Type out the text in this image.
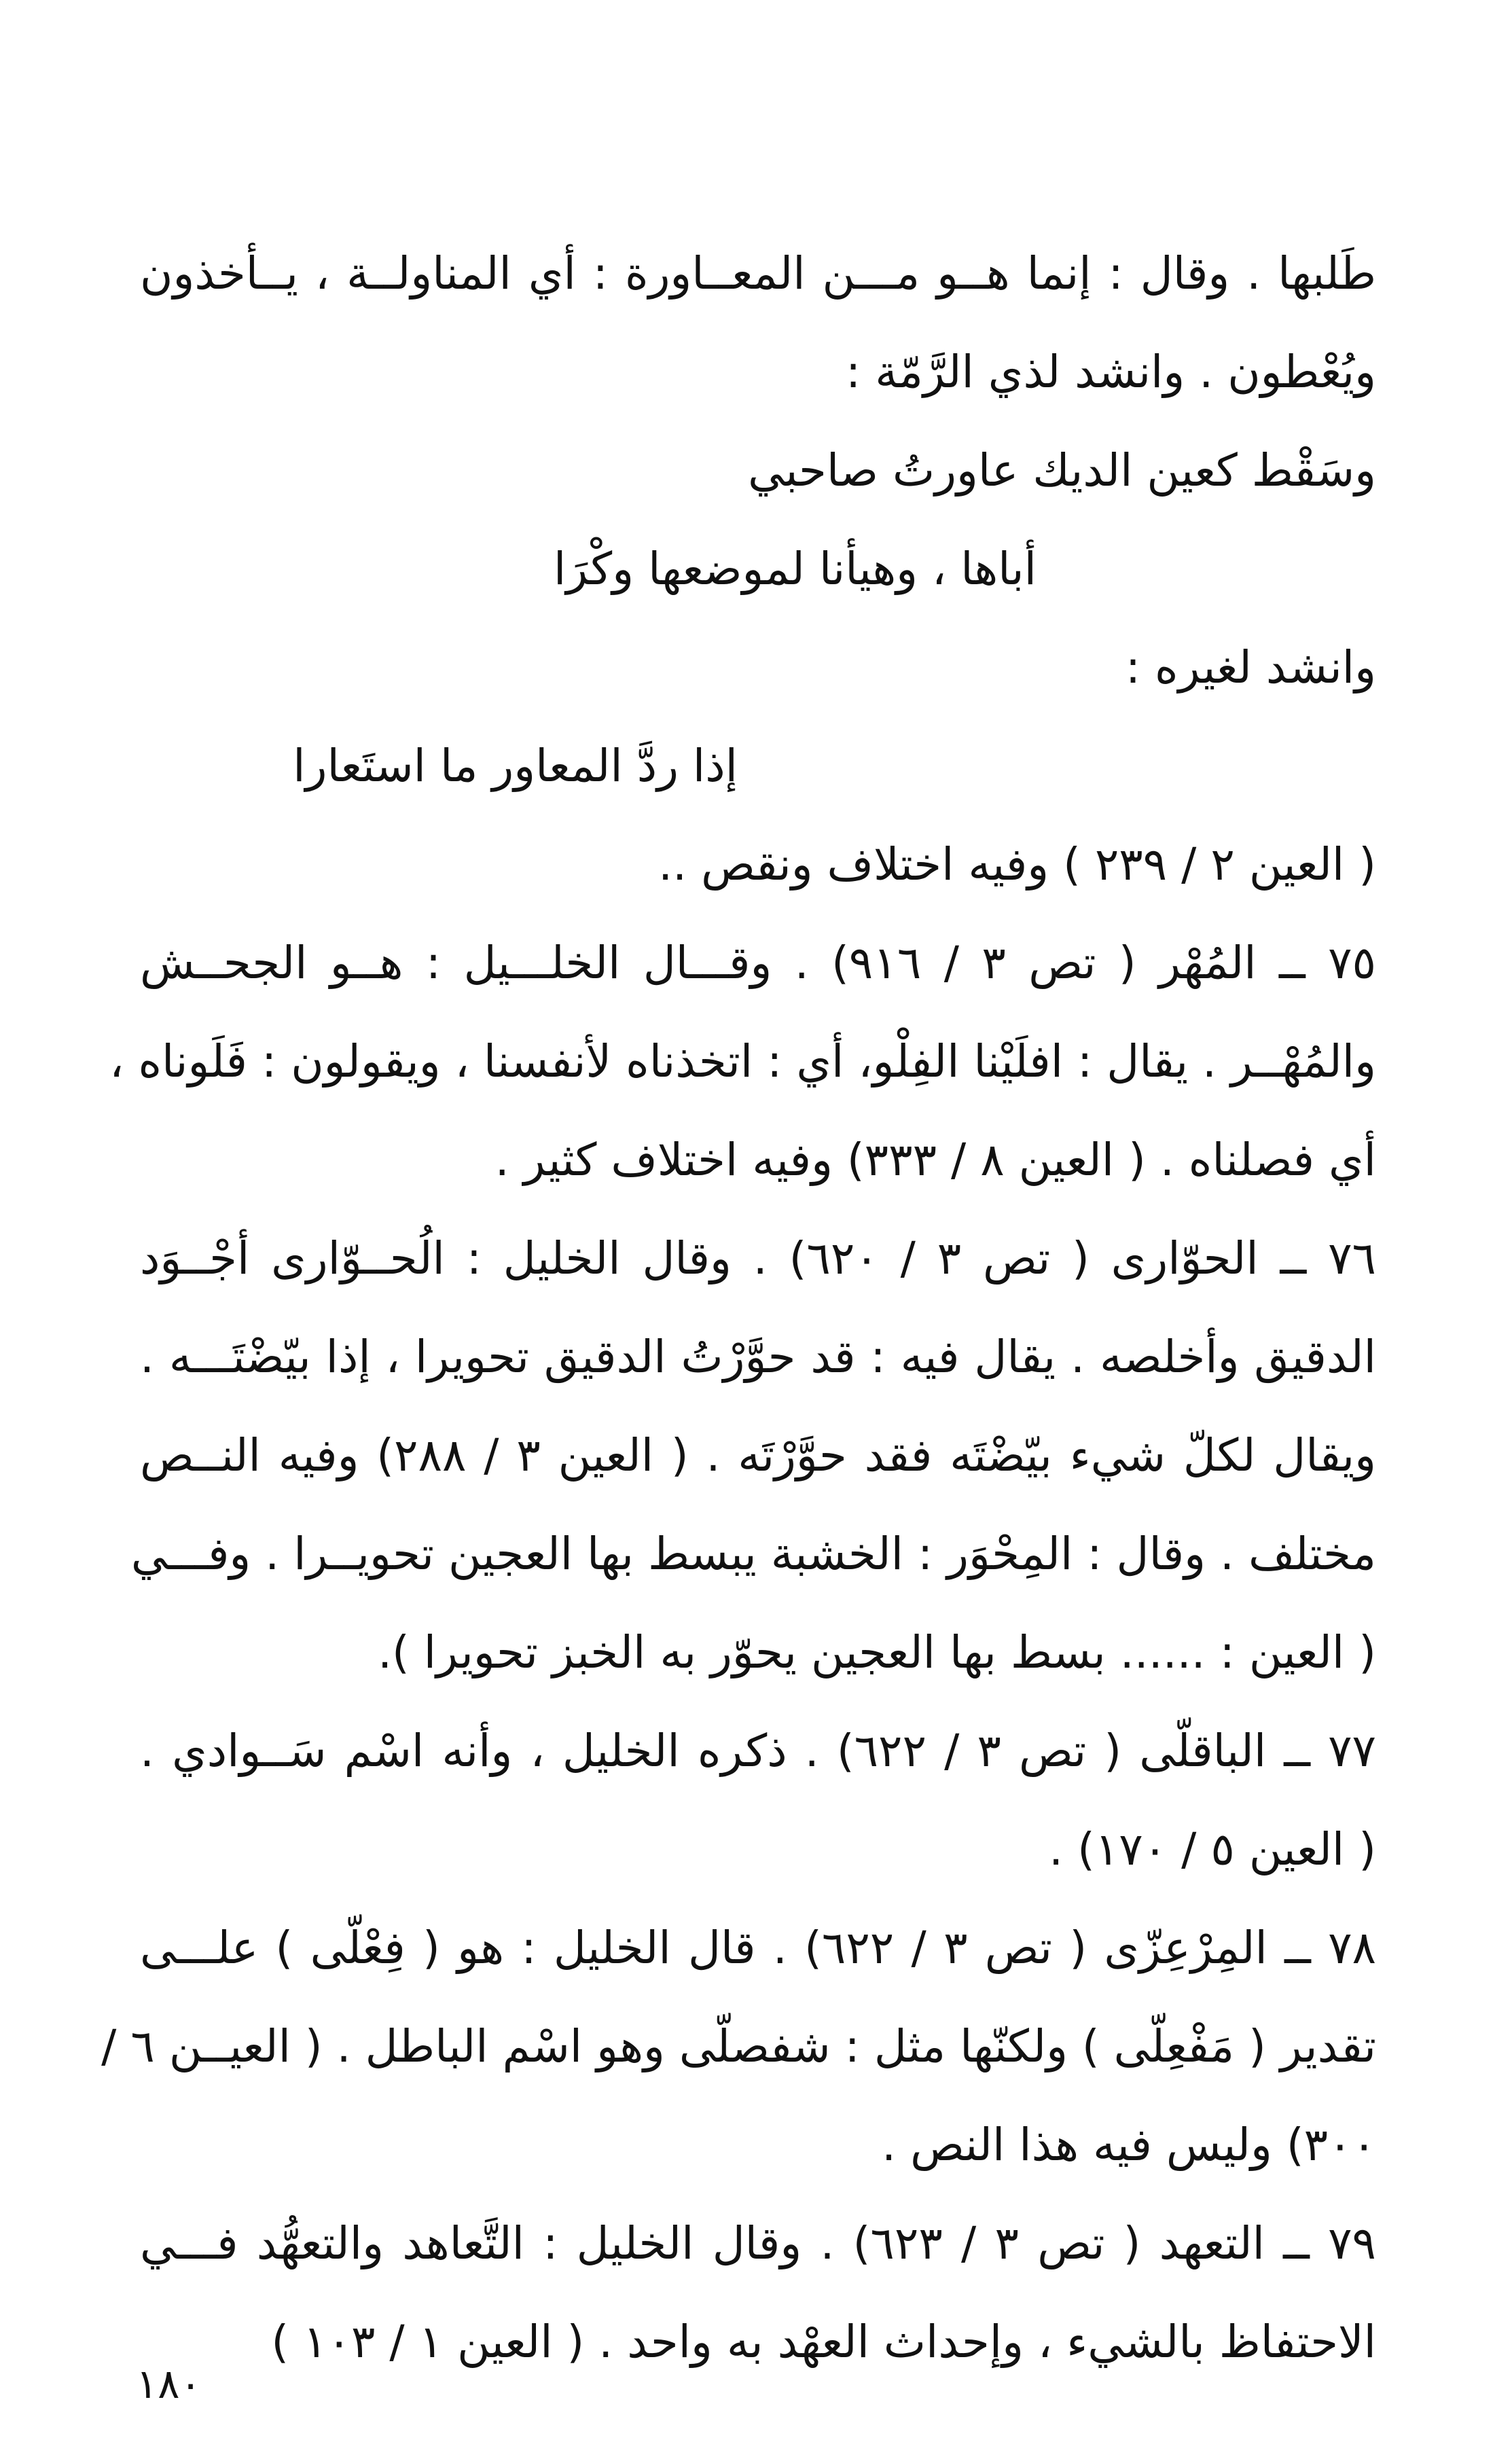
طَلبها . وقال : إنما هــو مـــن المعــاورة : أي المناولــة ، يــأخذون
ويُعْطون . وانشد لذي الرَّمّة :
وسَقْط كعين الديك عاورتُ صاحبي
أباها ، وهيأنا لموضعها وكْرَا
وانشد لغيره :
إذا ردَّ المعاور ما استَعارا
( العين ٢ / ٢٣٩ ) وفيه اختلاف ونقص ..
٧٥ ــ المُهْر ( تص ٣ / ٩١٦) . وقـــال الخلـــيل : هــو الجحــش
والمُهْــر . يقال : افلَيْنا الفِلْو، أي : اتخذناه لأنفسنا ، ويقولون : فَلَوناه ،
أي فصلناه . ( العين ٨ / ٣٣٣) وفيه اختلاف كثير .
٧٦ ــ الحوّارى ( تص ٣ / ٦٢٠) . وقال الخليل : الُحــوّارى أجْــوَد
الدقيق وأخلصه . يقال فيه : قد حوَّرْتُ الدقيق تحويرا ، إذا بيّضْتَـــه .
ويقال لكلّ شيء بيّضْتَه فقد حوَّرْتَه . ( العين ٣ / ٢٨٨) وفيه النــص
مختلف . وقال : المِحْوَر : الخشبة يبسط بها العجين تحويــرا . وفـــي
( العين : ...... بسط بها العجين يحوّر به الخبز تحويرا ).
٧٧ ــ الباقلّى ( تص ٣ / ٦٢٢) . ذكره الخليل ، وأنه اسْم سَــوادي .
( العين ٥ / ١٧٠) .
٧٨ ــ المِرْعِزّى ( تص ٣ / ٦٢٢) . قال الخليل : هو ( فِعْلّى ) علـــى
تقدير ( مَفْعِلّى ) ولكنّها مثل : شفصلّى وهو اسْم الباطل . ( العيــن ٦ /
٣٠٠) وليس فيه هذا النص .
٧٩ ــ التعهد ( تص ٣ / ٦٢٣) . وقال الخليل : التَّعاهد والتعهُّد فـــي
الاحتفاظ بالشيء ، وإحداث العهْد به واحد . ( العين ١ / ١٠٣ )
١٨٠
